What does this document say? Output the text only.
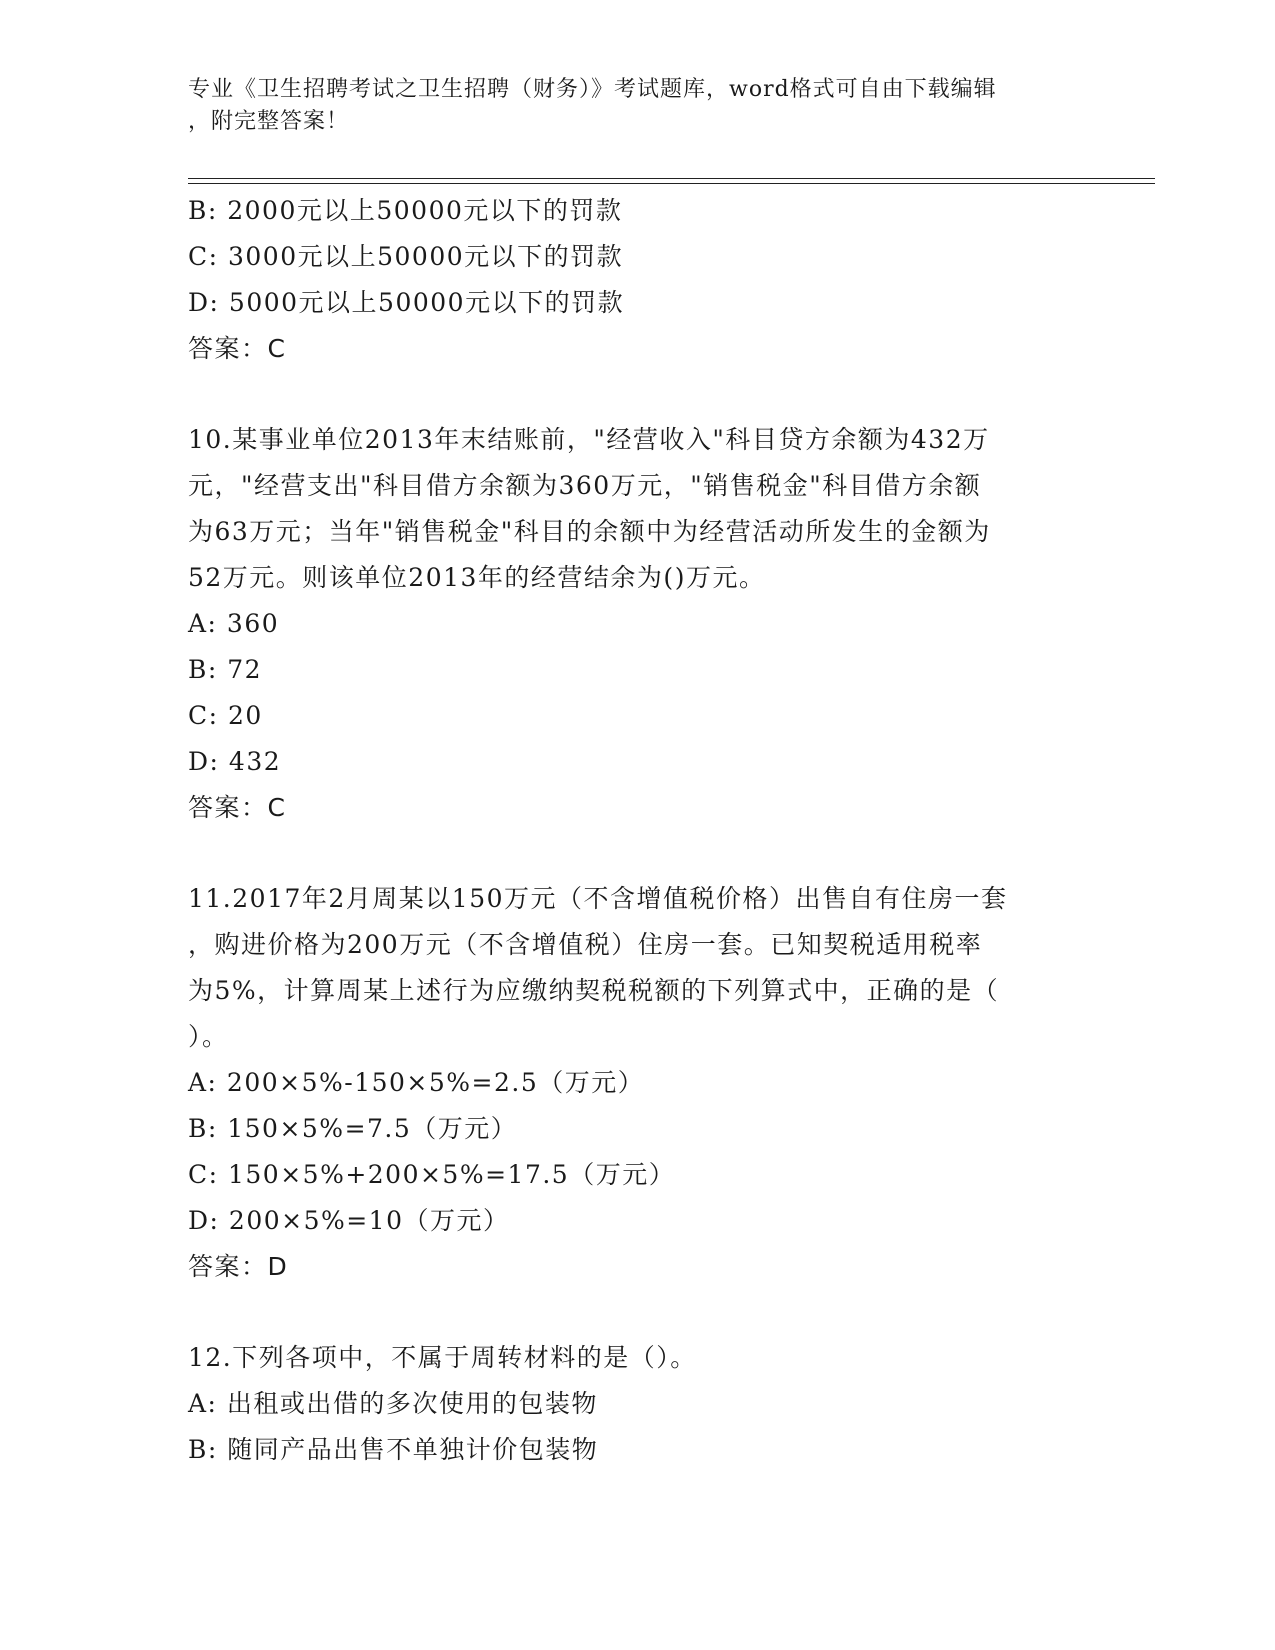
专业《卫生招聘考试之卫生招聘（财务）》考试题库，word格式可自由下载编辑
，附完整答案！
B: 2000元以上50000元以下的罚款
C: 3000元以上50000元以下的罚款
D: 5000元以上50000元以下的罚款
答案：C
10.某事业单位2013年末结账前，"经营收入"科目贷方余额为432万
元，"经营支出"科目借方余额为360万元，"销售税金"科目借方余额
为63万元；当年"销售税金"科目的余额中为经营活动所发生的金额为
52万元。则该单位2013年的经营结余为()万元。
A: 360
B: 72
C: 20
D: 432
答案：C
11.2017年2月周某以150万元（不含增值税价格）出售自有住房一套
，购进价格为200万元（不含增值税）住房一套。已知契税适用税率
为5%，计算周某上述行为应缴纳契税税额的下列算式中，正确的是（
）。
A: 200×5%-150×5%=2.5（万元）
B: 150×5%=7.5（万元）
C: 150×5%+200×5%=17.5（万元）
D: 200×5%=10（万元）
答案：D
12.下列各项中，不属于周转材料的是（）。
A: 出租或出借的多次使用的包装物
B: 随同产品出售不单独计价包装物
